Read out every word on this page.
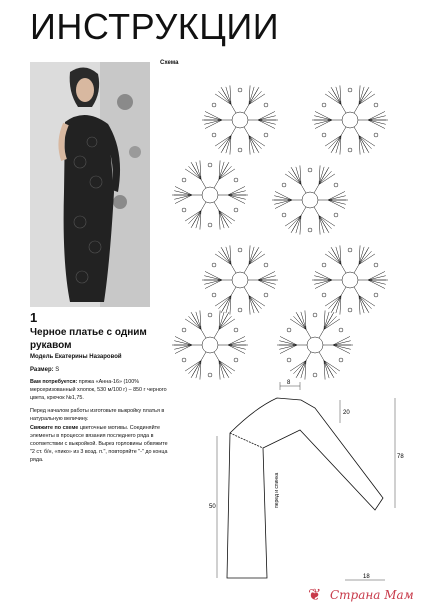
ИНСТРУКЦИИ
1
Черное платье с одним рукавом
Модель Екатерины Назаровой
Размер: S
Вам потребуется: пряжа «Анна-16» (100% мерсеризованный хлопок, 530 м/100 г) – 850 г черного цвета, крючок №1,75.
Перед началом работы изготовьте выкройку платья в натуральную величину.
Свяжите по схеме цветочные мотивы. Соединяйте элементы в процессе вязания последнего ряда в соответствии с выкройкой. Вырез горловины обвяжите "2 ст. б/н, «пико» из 3 возд. п.", повторяйте "-" до конца ряда.
Схема
8
20
78
50
18
перед и спинка
❦ Страна Мам
